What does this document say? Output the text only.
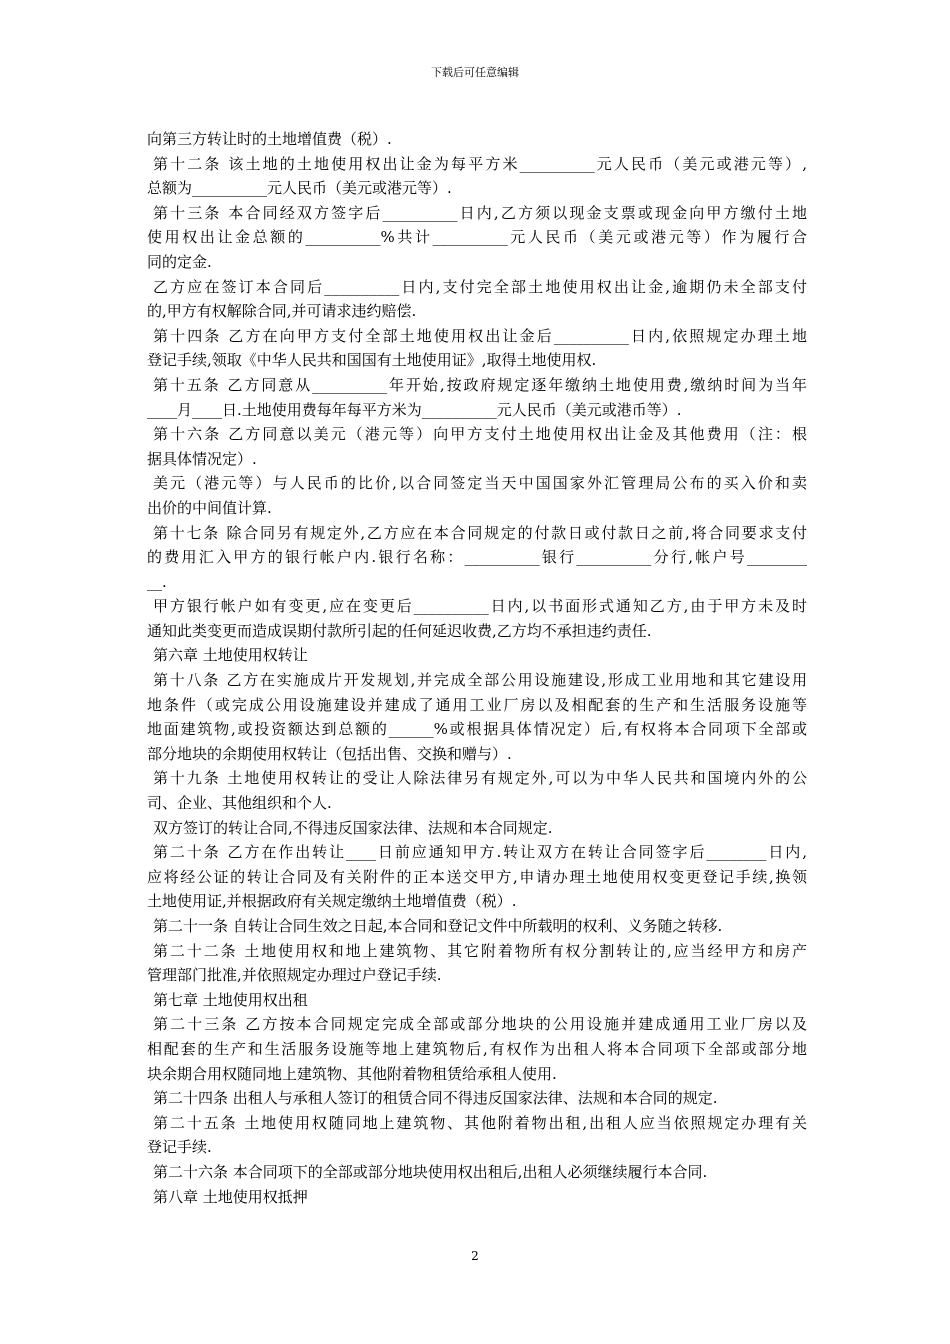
下载后可任意编辑
向第三方转让时的土地增值费（税）.
第十二条 该土地的土地使用权出让金为每平方米__________元人民币（美元或港元等）,
总额为__________元人民币（美元或港元等）.
第十三条 本合同经双方签字后__________日内,乙方须以现金支票或现金向甲方缴付土地
使用权出让金总额的__________%共计__________元人民币（美元或港元等）作为履行合
同的定金.
乙方应在签订本合同后__________日内,支付完全部土地使用权出让金,逾期仍未全部支付
的,甲方有权解除合同,并可请求违约赔偿.
第十四条 乙方在向甲方支付全部土地使用权出让金后__________日内,依照规定办理土地
登记手续,领取《中华人民共和国国有土地使用证》,取得土地使用权.
第十五条 乙方同意从__________年开始,按政府规定逐年缴纳土地使用费,缴纳时间为当年
____月____日.土地使用费每年每平方米为__________元人民币（美元或港币等）.
第十六条 乙方同意以美元（港元等）向甲方支付土地使用权出让金及其他费用（注：根
据具体情况定）.
美元（港元等）与人民币的比价,以合同签定当天中国国家外汇管理局公布的买入价和卖
出价的中间值计算.
第十七条 除合同另有规定外,乙方应在本合同规定的付款日或付款日之前,将合同要求支付
的费用汇入甲方的银行帐户内.银行名称：__________银行__________分行,帐户号________
__.
甲方银行帐户如有变更,应在变更后__________日内,以书面形式通知乙方,由于甲方未及时
通知此类变更而造成误期付款所引起的任何延迟收费,乙方均不承担违约责任.
第六章 土地使用权转让
第十八条 乙方在实施成片开发规划,并完成全部公用设施建设,形成工业用地和其它建设用
地条件（或完成公用设施建设并建成了通用工业厂房以及相配套的生产和生活服务设施等
地面建筑物,或投资额达到总额的______%或根据具体情况定）后,有权将本合同项下全部或
部分地块的余期使用权转让（包括出售、交换和赠与）.
第十九条 土地使用权转让的受让人除法律另有规定外,可以为中华人民共和国境内外的公
司、企业、其他组织和个人.
双方签订的转让合同,不得违反国家法律、法规和本合同规定.
第二十条 乙方在作出转让____日前应通知甲方.转让双方在转让合同签字后________日内,
应将经公证的转让合同及有关附件的正本送交甲方,申请办理土地使用权变更登记手续,换领
土地使用证,并根据政府有关规定缴纳土地增值费（税）.
第二十一条 自转让合同生效之日起,本合同和登记文件中所载明的权利、义务随之转移.
第二十二条 土地使用权和地上建筑物、其它附着物所有权分割转让的,应当经甲方和房产
管理部门批准,并依照规定办理过户登记手续.
第七章 土地使用权出租
第二十三条 乙方按本合同规定完成全部或部分地块的公用设施并建成通用工业厂房以及
相配套的生产和生活服务设施等地上建筑物后,有权作为出租人将本合同项下全部或部分地
块余期合用权随同地上建筑物、其他附着物租赁给承租人使用.
第二十四条 出租人与承租人签订的租赁合同不得违反国家法律、法规和本合同的规定.
第二十五条 土地使用权随同地上建筑物、其他附着物出租,出租人应当依照规定办理有关
登记手续.
第二十六条 本合同项下的全部或部分地块使用权出租后,出租人必须继续履行本合同.
第八章 土地使用权抵押
2
